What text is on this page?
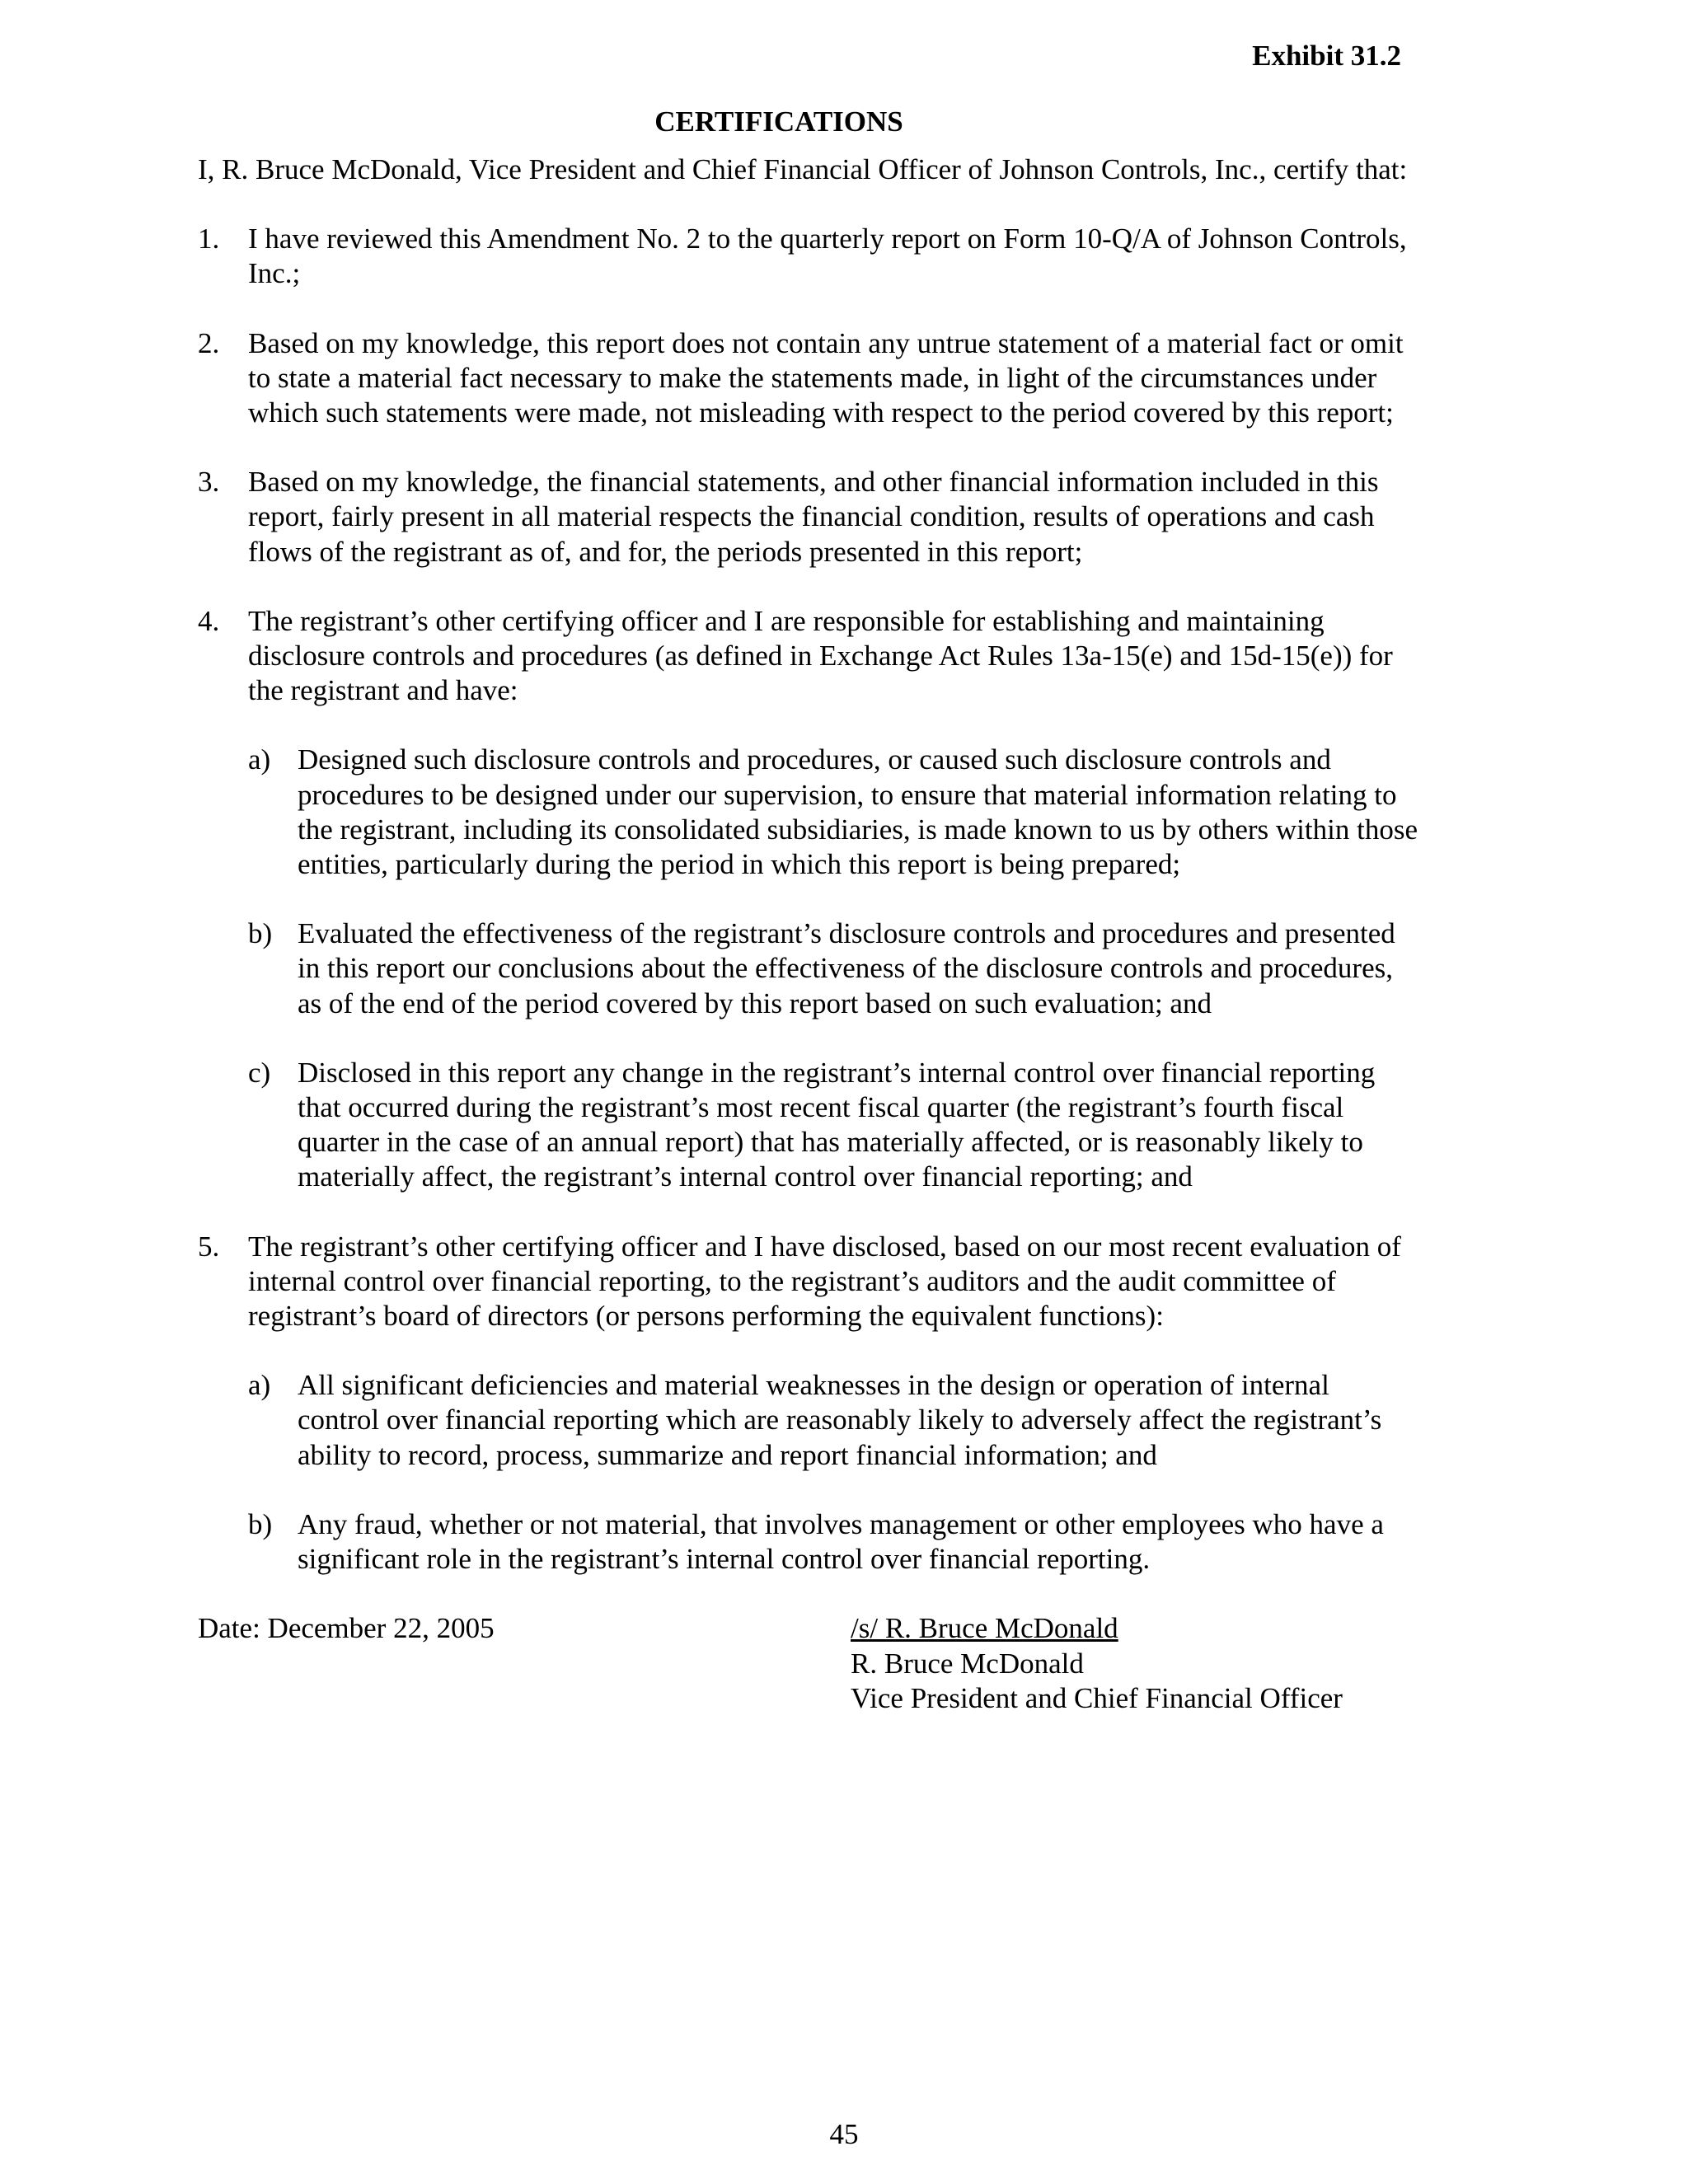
Exhibit 31.2
CERTIFICATIONS

I, R. Bruce McDonald, Vice President and Chief Financial Officer of Johnson Controls, Inc., certify that:

1. I have reviewed this Amendment No. 2 to the quarterly report on Form 10-Q/A of Johnson Controls, Inc.;
2. Based on my knowledge, this report does not contain any untrue statement of a material fact or omit to state a material fact necessary to make the statements made, in light of the circumstances under which such statements were made, not misleading with respect to the period covered by this report;
3. Based on my knowledge, the financial statements, and other financial information included in this report, fairly present in all material respects the financial condition, results of operations and cash flows of the registrant as of, and for, the periods presented in this report;
4. The registrant’s other certifying officer and I are responsible for establishing and maintaining disclosure controls and procedures (as defined in Exchange Act Rules 13a-15(e) and 15d-15(e)) for the registrant and have:
a) Designed such disclosure controls and procedures, or caused such disclosure controls and procedures to be designed under our supervision, to ensure that material information relating to the registrant, including its consolidated subsidiaries, is made known to us by others within those entities, particularly during the period in which this report is being prepared;
b) Evaluated the effectiveness of the registrant’s disclosure controls and procedures and presented in this report our conclusions about the effectiveness of the disclosure controls and procedures, as of the end of the period covered by this report based on such evaluation; and
c) Disclosed in this report any change in the registrant’s internal control over financial reporting that occurred during the registrant’s most recent fiscal quarter (the registrant’s fourth fiscal quarter in the case of an annual report) that has materially affected, or is reasonably likely to materially affect, the registrant’s internal control over financial reporting; and
5. The registrant’s other certifying officer and I have disclosed, based on our most recent evaluation of internal control over financial reporting, to the registrant’s auditors and the audit committee of registrant’s board of directors (or persons performing the equivalent functions):
a) All significant deficiencies and material weaknesses in the design or operation of internal control over financial reporting which are reasonably likely to adversely affect the registrant’s ability to record, process, summarize and report financial information; and
b) Any fraud, whether or not material, that involves management or other employees who have a significant role in the registrant’s internal control over financial reporting.
Date: December 22, 2005	/s/ R. Bruce McDonald
R. Bruce McDonald
Vice President and Chief Financial Officer
45
